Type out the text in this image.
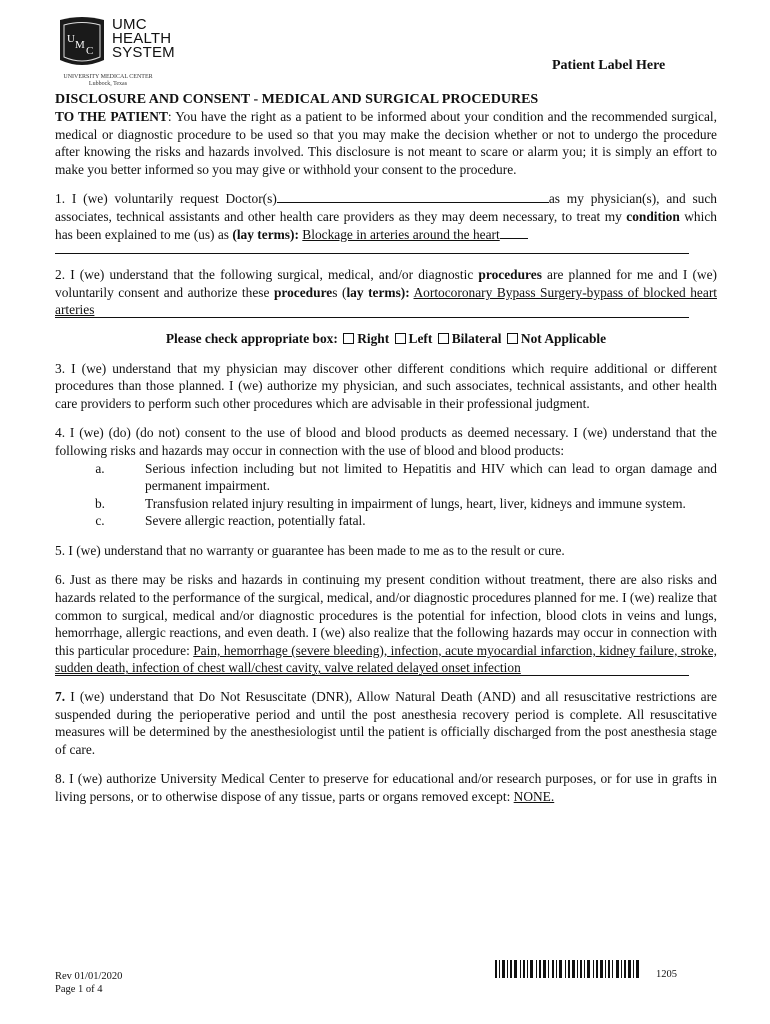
U M C
UMC
HEALTH
SYSTEM
UNIVERSITY MEDICAL CENTER
Lubbock, Texas
Patient Label Here
DISCLOSURE AND CONSENT - MEDICAL AND SURGICAL PROCEDURES

TO THE PATIENT: You have the right as a patient to be informed about your condition and the recommended surgical, medical or diagnostic procedure to be used so that you may make the decision whether or not to undergo the procedure after knowing the risks and hazards involved. This disclosure is not meant to scare or alarm you; it is simply an effort to make you better informed so you may give or withhold your consent to the procedure.

1. I (we) voluntarily request Doctor(s)	as my physician(s), and such associates, technical assistants and other health care providers as they may deem necessary, to treat my condition which has been explained to me (us) as (lay terms): Blockage in arteries around the heart

2. I (we) understand that the following surgical, medical, and/or diagnostic procedures are planned for me and I (we) voluntarily consent and authorize these procedures (lay terms): Aortocoronary Bypass Surgery-bypass of blocked heart arteries

Please check appropriate box: Right Left Bilateral Not Applicable

3. I (we) understand that my physician may discover other different conditions which require additional or different procedures than those planned. I (we) authorize my physician, and such associates, technical assistants, and other health care providers to perform such other procedures which are advisable in their professional judgment.

4. I (we) (do) (do not) consent to the use of blood and blood products as deemed necessary. I (we) understand that the following risks and hazards may occur in connection with the use of blood and blood products:

a.	Serious infection including but not limited to Hepatitis and HIV which can lead to organ damage and permanent impairment.
b.	Transfusion related injury resulting in impairment of lungs, heart, liver, kidneys and immune system.
c.	Severe allergic reaction, potentially fatal.

5. I (we) understand that no warranty or guarantee has been made to me as to the result or cure.

6. Just as there may be risks and hazards in continuing my present condition without treatment, there are also risks and hazards related to the performance of the surgical, medical, and/or diagnostic procedures planned for me. I (we) realize that common to surgical, medical and/or diagnostic procedures is the potential for infection, blood clots in veins and lungs, hemorrhage, allergic reactions, and even death. I (we) also realize that the following hazards may occur in connection with this particular procedure: Pain, hemorrhage (severe bleeding), infection, acute myocardial infarction, kidney failure, stroke, sudden death, infection of chest wall/chest cavity, valve related delayed onset infection

7. I (we) understand that Do Not Resuscitate (DNR), Allow Natural Death (AND) and all resuscitative restrictions are suspended during the perioperative period and until the post anesthesia recovery period is complete. All resuscitative measures will be determined by the anesthesiologist until the patient is officially discharged from the post anesthesia stage of care.

8. I (we) authorize University Medical Center to preserve for educational and/or research purposes, or for use in grafts in living persons, or to otherwise dispose of any tissue, parts or organs removed except: NONE.

Rev 01/01/2020
Page 1 of 4
1205
